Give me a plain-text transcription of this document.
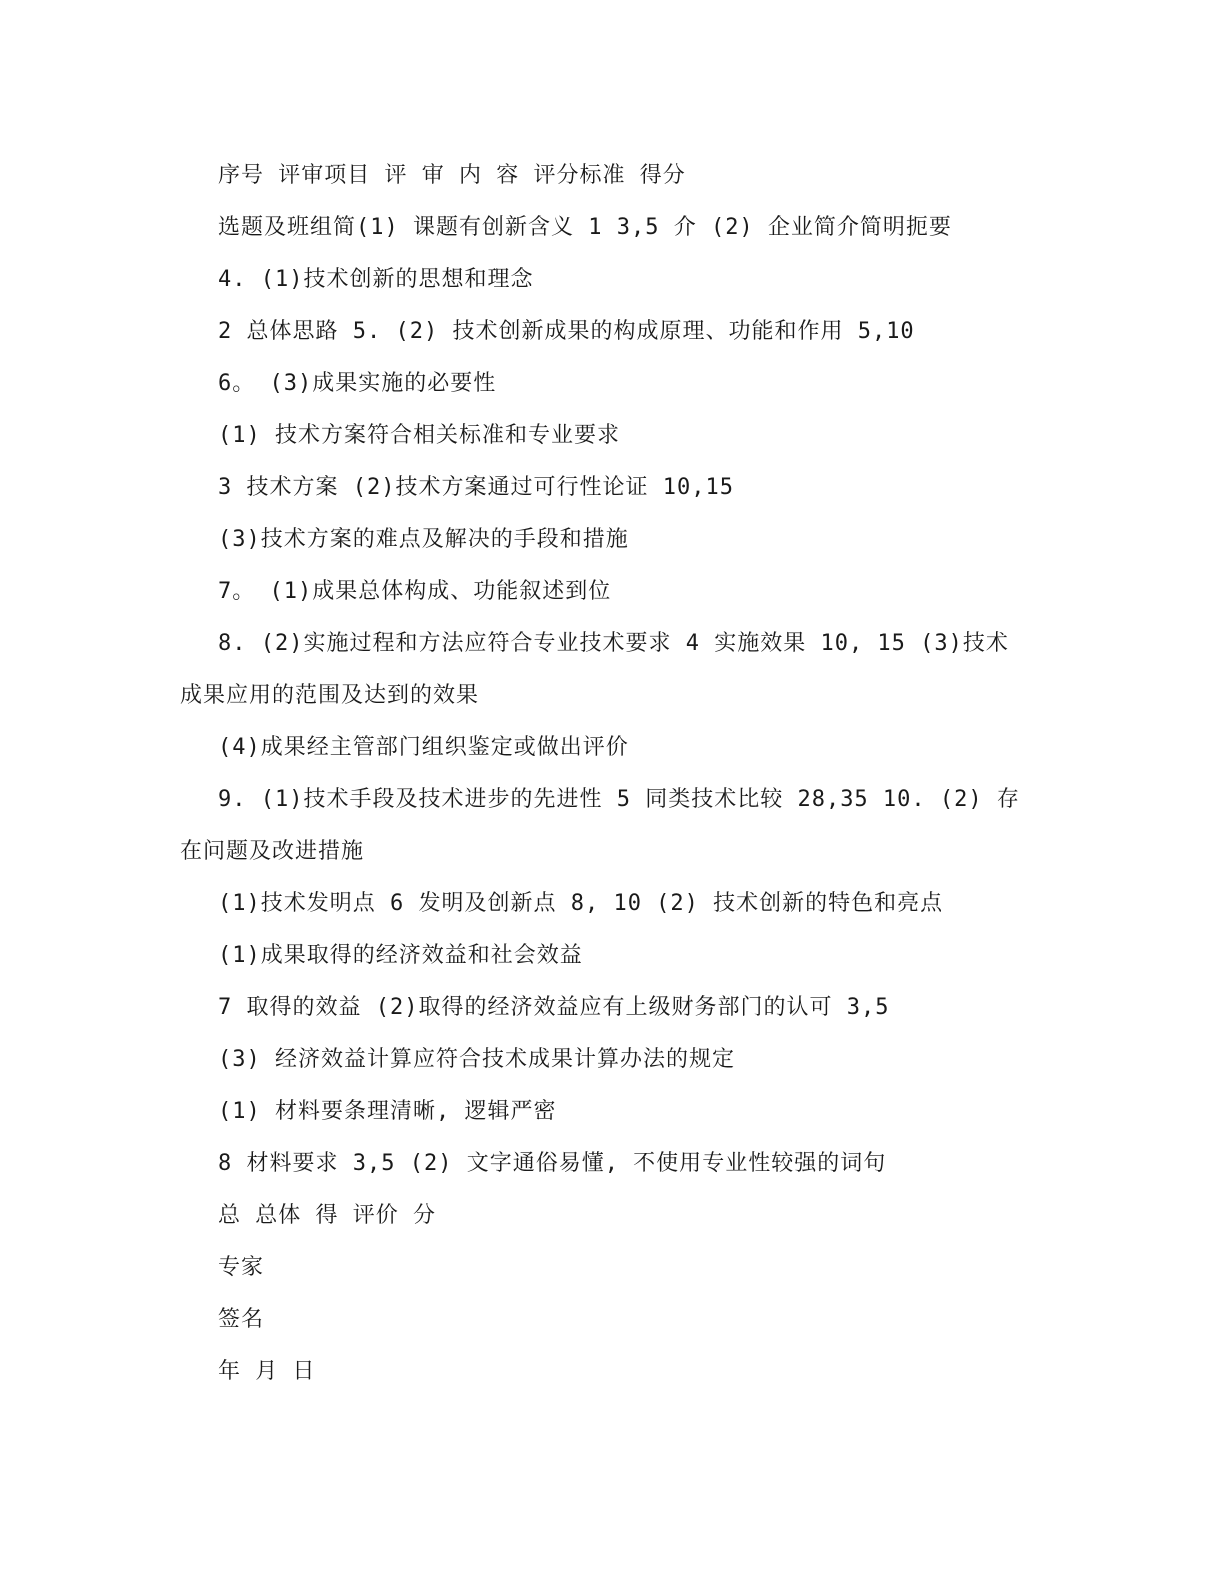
序号 评审项目 评 审 内 容 评分标准 得分
选题及班组简(1) 课题有创新含义 1 3,5 介 (2) 企业简介简明扼要
4. (1)技术创新的思想和理念
2 总体思路 5. (2) 技术创新成果的构成原理、功能和作用 5,10
6。 (3)成果实施的必要性
(1) 技术方案符合相关标准和专业要求
3 技术方案 (2)技术方案通过可行性论证 10,15
(3)技术方案的难点及解决的手段和措施
7。 (1)成果总体构成、功能叙述到位
8. (2)实施过程和方法应符合专业技术要求 4 实施效果 10, 15 (3)技术成果应用的范围及达到的效果
(4)成果经主管部门组织鉴定或做出评价
9. (1)技术手段及技术进步的先进性 5 同类技术比较 28,35 10. (2) 存在问题及改进措施
(1)技术发明点 6 发明及创新点 8, 10 (2) 技术创新的特色和亮点
(1)成果取得的经济效益和社会效益
7 取得的效益 (2)取得的经济效益应有上级财务部门的认可 3,5
(3) 经济效益计算应符合技术成果计算办法的规定
(1) 材料要条理清晰, 逻辑严密
8 材料要求 3,5 (2) 文字通俗易懂, 不使用专业性较强的词句
总 总体 得 评价 分
专家
签名
年 月 日
